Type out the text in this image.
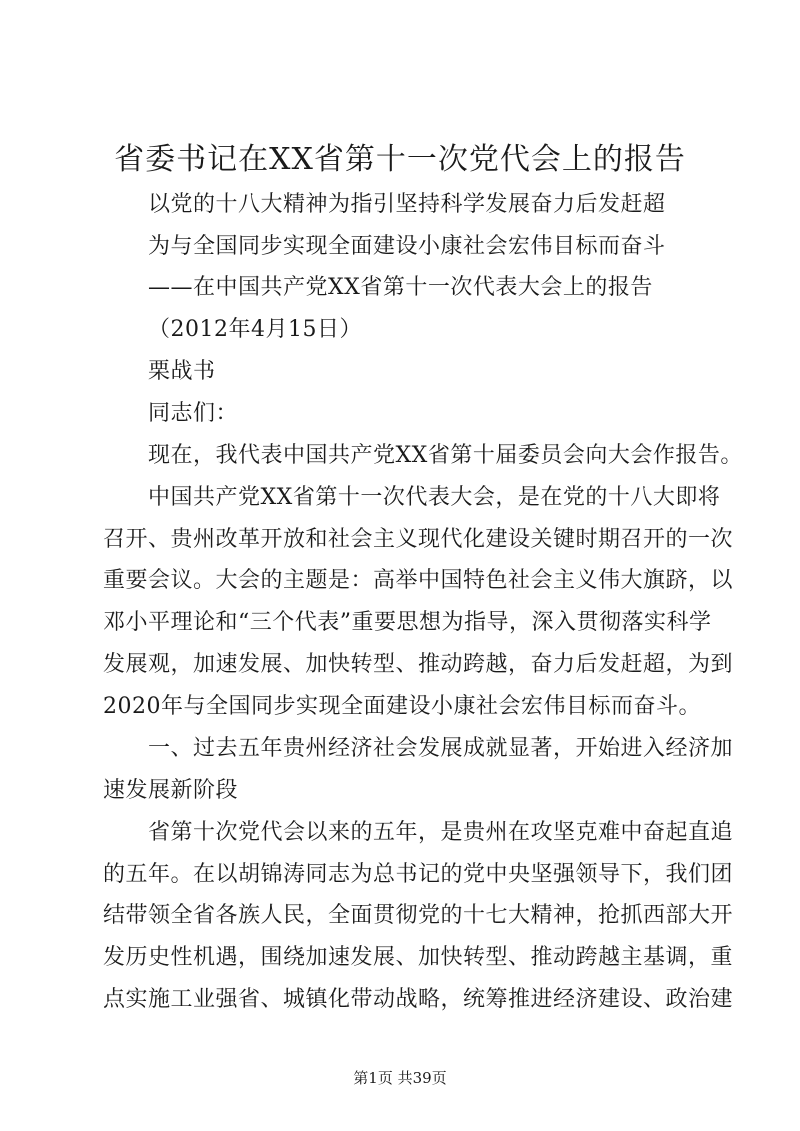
省委书记在XX省第十一次党代会上的报告

以党的十八大精神为指引坚持科学发展奋力后发赶超

为与全国同步实现全面建设小康社会宏伟目标而奋斗

——在中国共产党XX省第十一次代表大会上的报告

（2012年4月15日）

栗战书

同志们：

现在，我代表中国共产党XX省第十届委员会向大会作报告。

中国共产党XX省第十一次代表大会，是在党的十八大即将

召开、贵州改革开放和社会主义现代化建设关键时期召开的一次

重要会议。大会的主题是：高举中国特色社会主义伟大旗跻，以

邓小平理论和“三个代表”重要思想为指导，深入贯彻落实科学

发展观，加速发展、加快转型、推动跨越，奋力后发赶超，为到

2020年与全国同步实现全面建设小康社会宏伟目标而奋斗。

一、过去五年贵州经济社会发展成就显著，开始进入经济加

速发展新阶段

省第十次党代会以来的五年，是贵州在攻坚克难中奋起直追

的五年。在以胡锦涛同志为总书记的党中央坚强领导下，我们团

结带领全省各族人民，全面贯彻党的十七大精神，抢抓西部大开

发历史性机遇，围绕加速发展、加快转型、推动跨越主基调，重

点实施工业强省、城镇化带动战略，统筹推进经济建设、政治建

第1页 共39页
